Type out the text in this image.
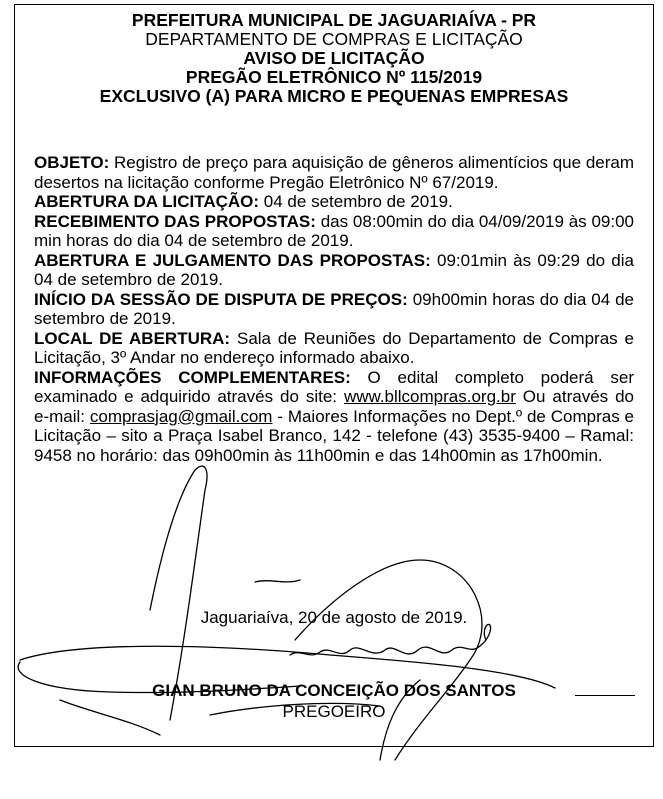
PREFEITURA MUNICIPAL DE JAGUARIAÍVA - PR
DEPARTAMENTO DE COMPRAS E LICITAÇÃO
AVISO DE LICITAÇÃO
PREGÃO ELETRÔNICO Nº 115/2019
EXCLUSIVO (A) PARA MICRO E PEQUENAS EMPRESAS

OBJETO: Registro de preço para aquisição de gêneros alimentícios que deram desertos na licitação conforme Pregão Eletrônico Nº 67/2019.

ABERTURA DA LICITAÇÃO: 04 de setembro de 2019.

RECEBIMENTO DAS PROPOSTAS: das 08:00min do dia 04/09/2019 às 09:00 min horas do dia 04 de setembro de 2019.

ABERTURA E JULGAMENTO DAS PROPOSTAS: 09:01min às 09:29 do dia 04 de setembro de 2019.

INÍCIO DA SESSÃO DE DISPUTA DE PREÇOS: 09h00min horas do dia 04 de setembro de 2019.

LOCAL DE ABERTURA: Sala de Reuniões do Departamento de Compras e Licitação, 3º Andar no endereço informado abaixo.

INFORMAÇÕES COMPLEMENTARES: O edital completo poderá ser examinado e adquirido através do site: www.bllcompras.org.br Ou através do e-mail: comprasjag@gmail.com - Maiores Informações no Dept.º de Compras e Licitação – sito a Praça Isabel Branco, 142 - telefone (43) 3535-9400 – Ramal: 9458 no horário: das 09h00min às 11h00min e das 14h00min as 17h00min.

Jaguariaíva, 20 de agosto de 2019.
GIAN BRUNO DA CONCEIÇÃO DOS SANTOS
PREGOEIRO
